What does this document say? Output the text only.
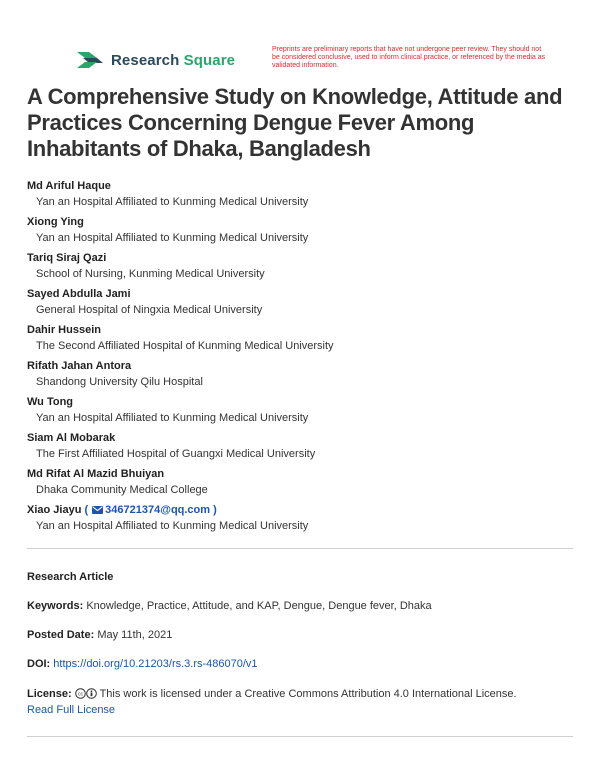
Research Square
Preprints are preliminary reports that have not undergone peer review. They should not be considered conclusive, used to inform clinical practice, or referenced by the media as validated information.
A Comprehensive Study on Knowledge, Attitude and Practices Concerning Dengue Fever Among Inhabitants of Dhaka, Bangladesh
Md Ariful Haque
Yan an Hospital Affiliated to Kunming Medical University
Xiong Ying
Yan an Hospital Affiliated to Kunming Medical University
Tariq Siraj Qazi
School of Nursing, Kunming Medical University
Sayed Abdulla Jami
General Hospital of Ningxia Medical University
Dahir Hussein
The Second Affiliated Hospital of Kunming Medical University
Rifath Jahan Antora
Shandong University Qilu Hospital
Wu Tong
Yan an Hospital Affiliated to Kunming Medical University
Siam Al Mobarak
The First Affiliated Hospital of Guangxi Medical University
Md Rifat Al Mazid Bhuiyan
Dhaka Community Medical College
Xiao Jiayu ( 346721374@qq.com )
Yan an Hospital Affiliated to Kunming Medical University
Research Article
Keywords: Knowledge, Practice, Attitude, and KAP, Dengue, Dengue fever, Dhaka
Posted Date: May 11th, 2021
DOI: https://doi.org/10.21203/rs.3.rs-486070/v1
License: cc This work is licensed under a Creative Commons Attribution 4.0 International License.
Read Full License
